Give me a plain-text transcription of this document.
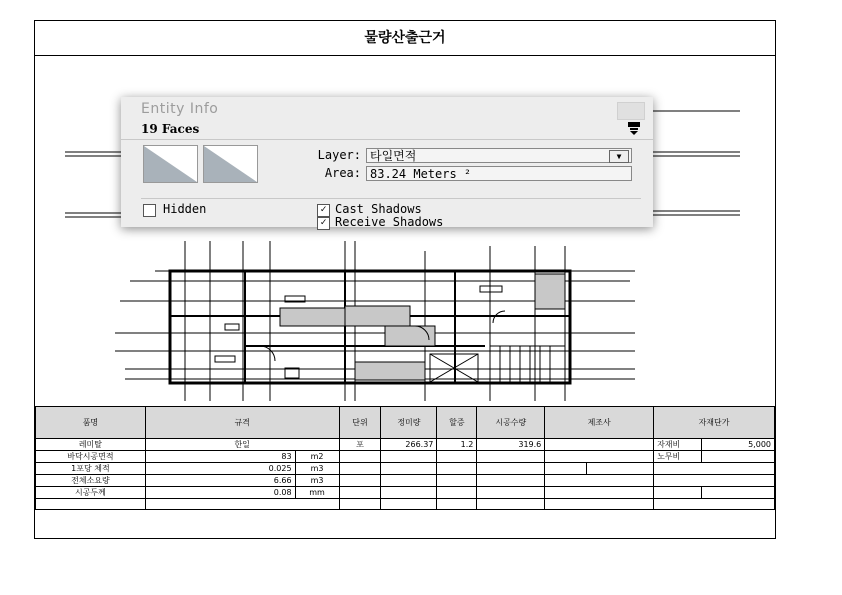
물량산출근거
Entity Info
19 Faces
Layer: 타일면적	▼
Area: 83.24 Meters ²
Hidden	✓ Cast Shadows
✓ Receive Shadows
품명	규격		단위	정미량	할증	시공수량	제조사		자재단가	
레미탈	한일		포	266.37	1.2	319.6			자재비	5,000
바닥시공면적	83	m2							노무비	
1포당 체적	0.025	m3								
전체소요량	6.66	m3								
시공두께	0.08	mm								
